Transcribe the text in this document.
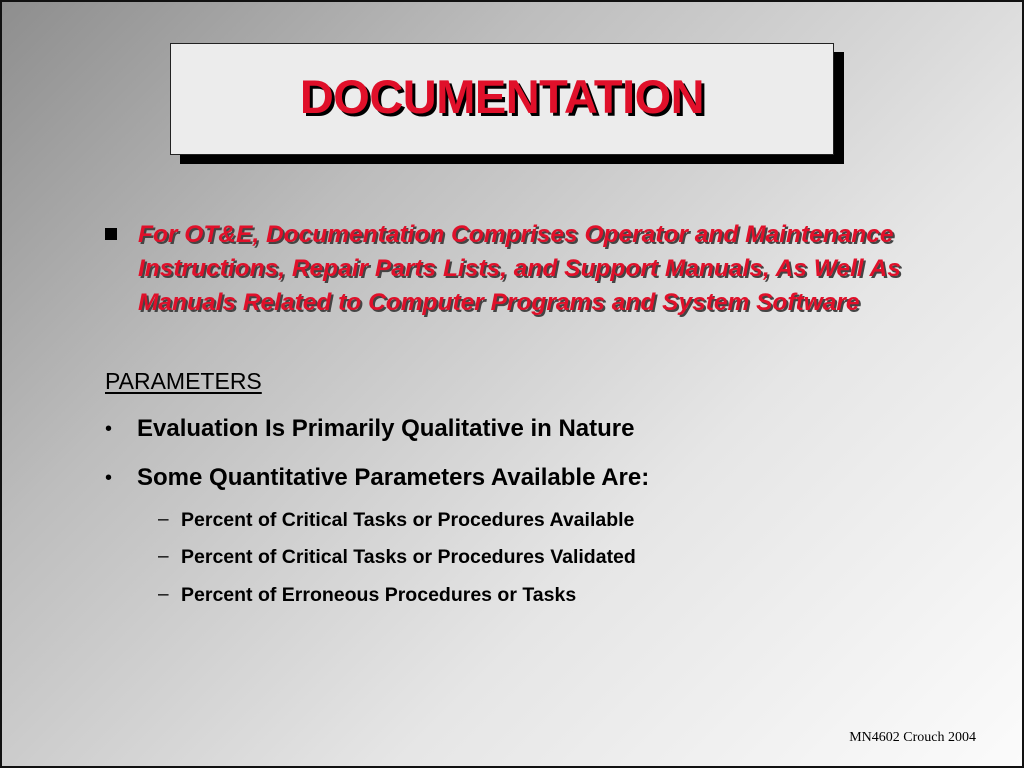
DOCUMENTATION
For OT&E, Documentation Comprises Operator and Maintenance Instructions, Repair Parts Lists, and Support Manuals, As Well As Manuals Related to Computer Programs and System Software
PARAMETERS
• Evaluation Is Primarily Qualitative in Nature
• Some Quantitative Parameters Available Are:
– Percent of Critical Tasks or Procedures Available
– Percent of Critical Tasks or Procedures Validated
– Percent of Erroneous Procedures or Tasks
MN4602 Crouch 2004
